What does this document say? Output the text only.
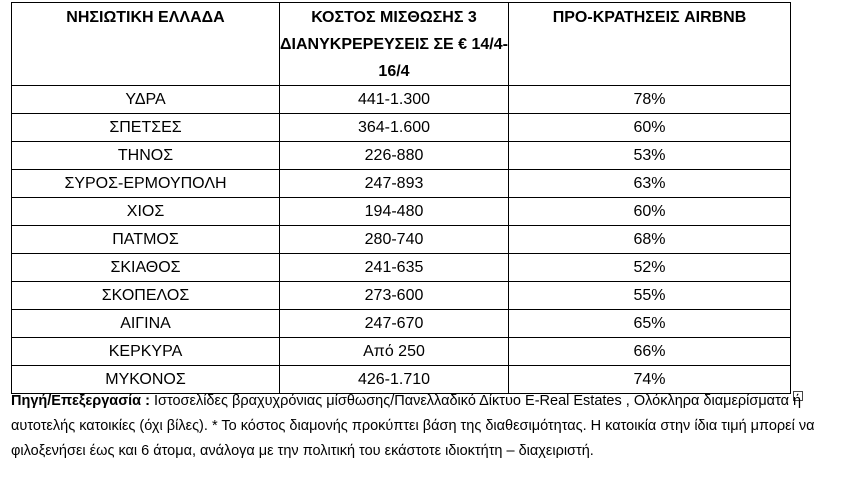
ΝΗΣΙΩΤΙΚΗ ΕΛΛΑΔΑ	ΚΟΣΤΟΣ ΜΙΣΘΩΣΗΣ 3 ΔΙΑΝΥΚΡΕΡΕΥΣΕΙΣ ΣΕ € 14/4-16/4	ΠΡΟ-ΚΡΑΤΗΣΕΙΣ AIRBNB
ΥΔΡΑ	441-1.300	78%
ΣΠΕΤΣΕΣ	364-1.600	60%
ΤΗΝΟΣ	226-880	53%
ΣΥΡΟΣ-ΕΡΜΟΥΠΟΛΗ	247-893	63%
ΧΙΟΣ	194-480	60%
ΠΑΤΜΟΣ	280-740	68%
ΣΚΙΑΘΟΣ	241-635	52%
ΣΚΟΠΕΛΟΣ	273-600	55%
ΑΙΓΙΝΑ	247-670	65%
ΚΕΡΚΥΡΑ	Από 250	66%
ΜΥΚΟΝΟΣ	426-1.710	74%
Πηγή/Επεξεργασία : Ιστοσελίδες βραχυχρόνιας μίσθωσης/Πανελλαδικό Δίκτυο E-Real Estates , Ολόκληρα διαμερίσματα ή αυτοτελής κατοικίες (όχι βίλες). * Το κόστος διαμονής προκύπτει βάση της διαθεσιμότητας. Η κατοικία στην ίδια τιμή μπορεί να φιλοξενήσει έως και 6 άτομα, ανάλογα με την πολιτική του εκάστοτε ιδιοκτήτη – διαχειριστή.
